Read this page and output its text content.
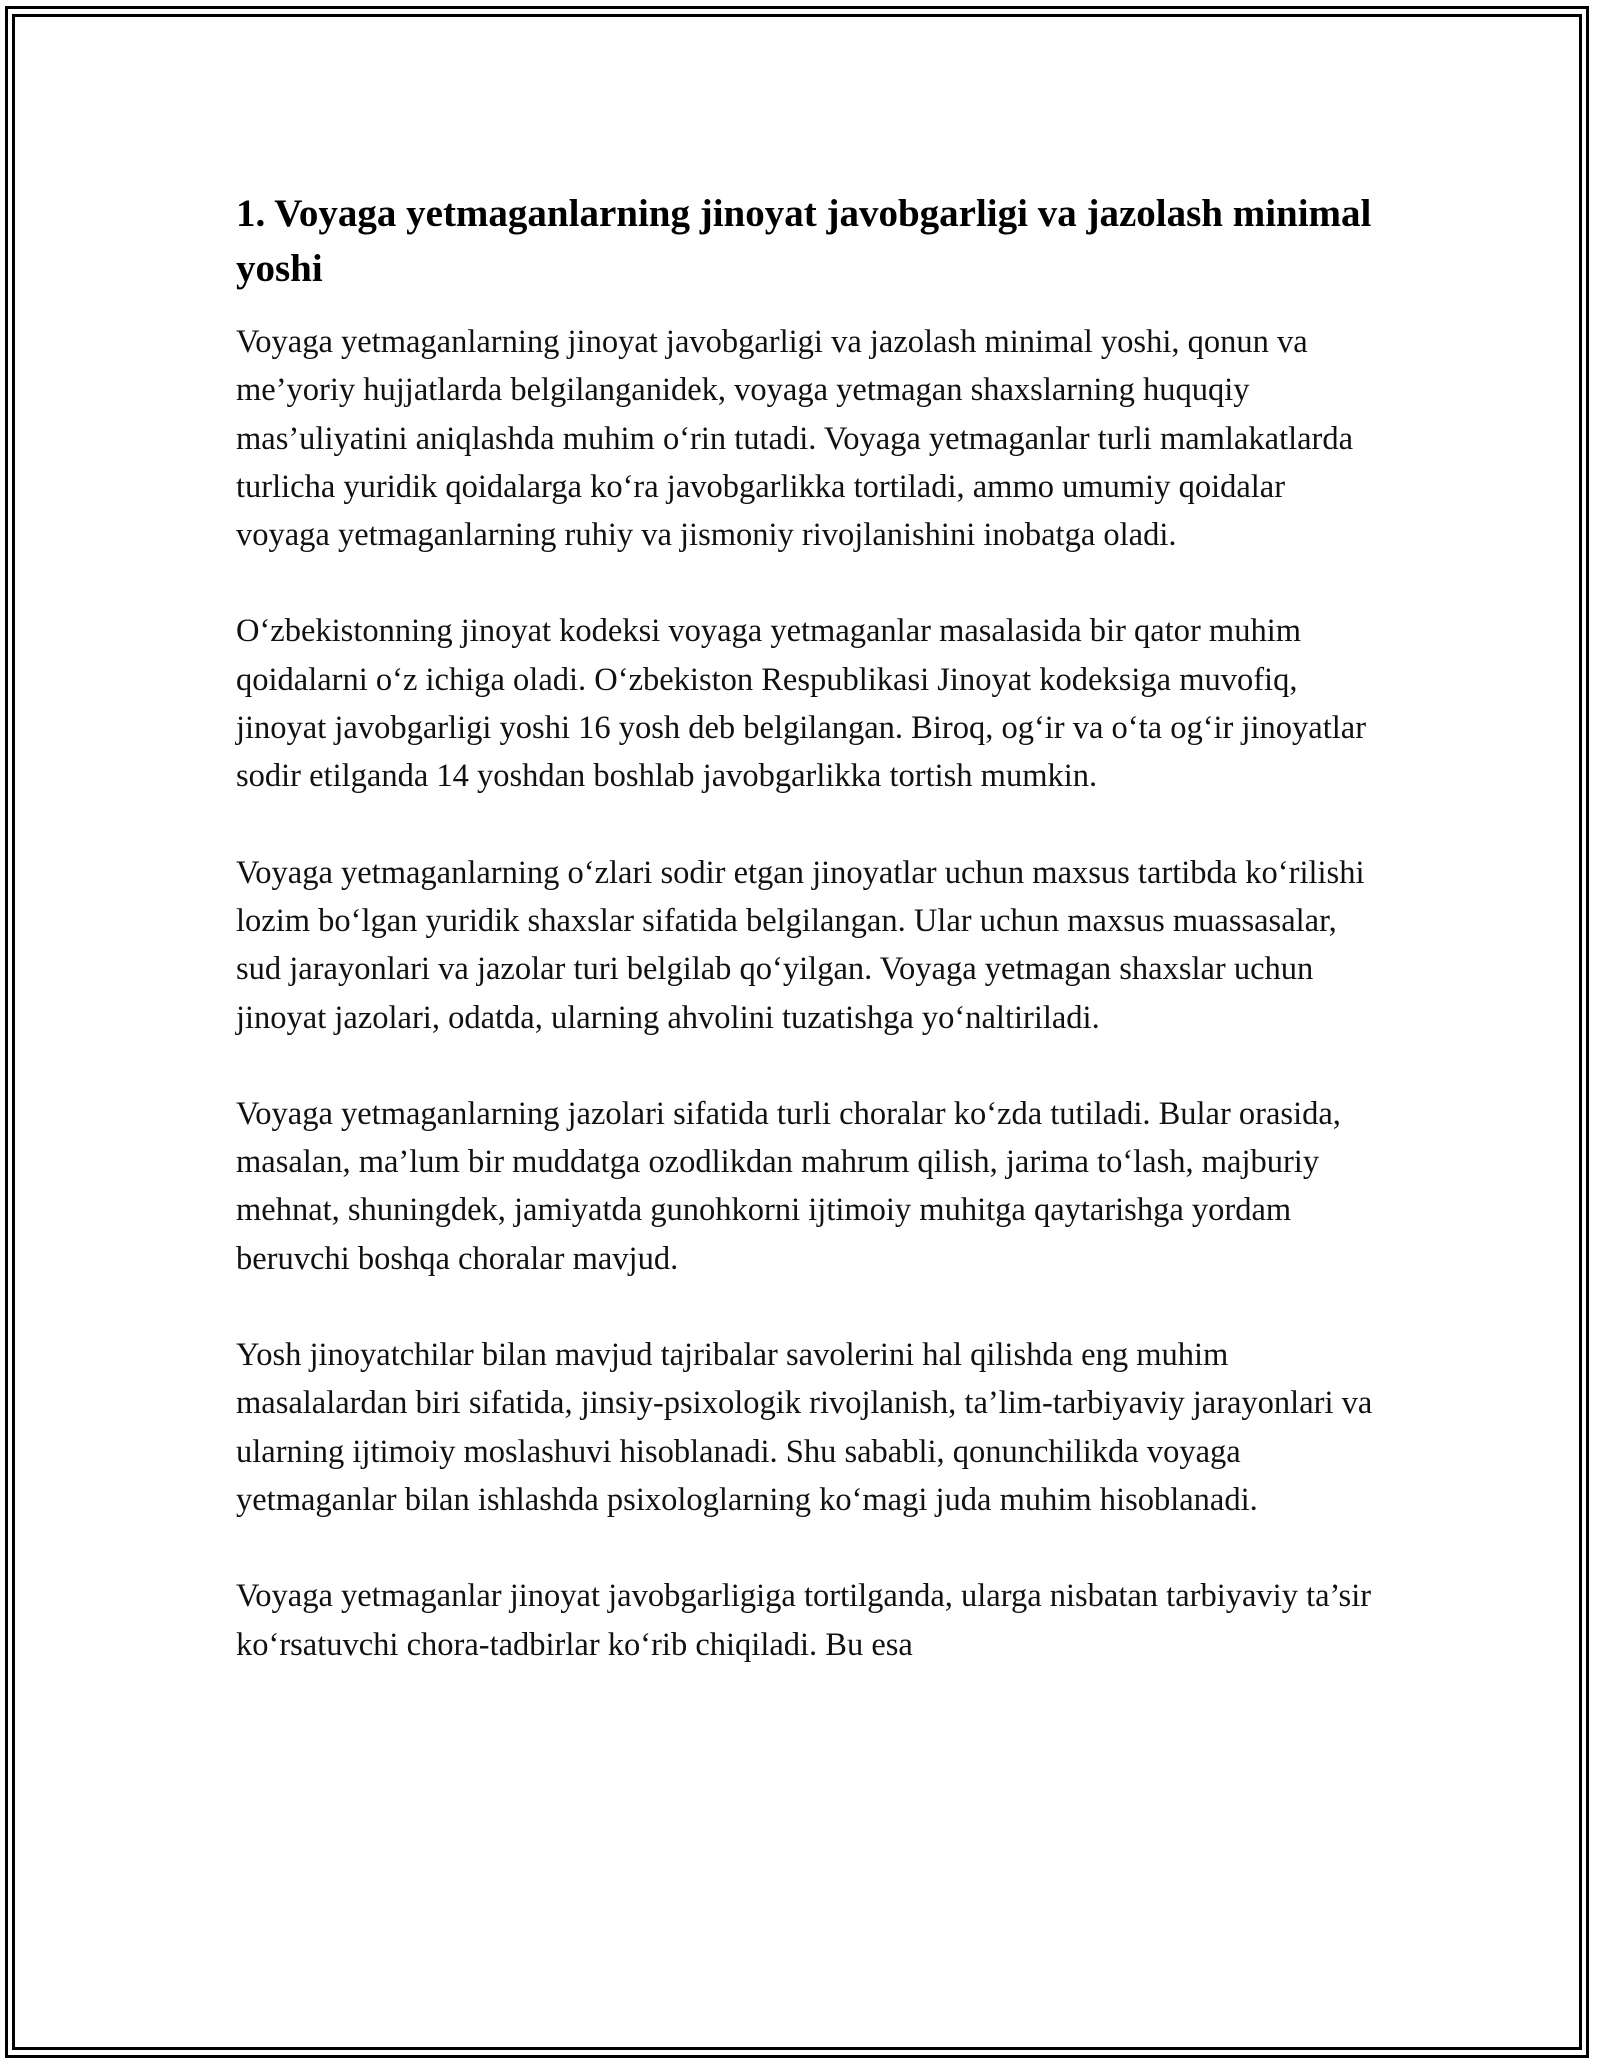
1. Voyaga yetmaganlarning jinoyat javobgarligi va jazolash minimal yoshi

Voyaga yetmaganlarning jinoyat javobgarligi va jazolash minimal yoshi, qonun va me’yoriy hujjatlarda belgilanganidek, voyaga yetmagan shaxslarning huquqiy mas’uliyatini aniqlashda muhim o‘rin tutadi. Voyaga yetmaganlar turli mamlakatlarda turlicha yuridik qoidalarga ko‘ra javobgarlikka tortiladi, ammo umumiy qoidalar voyaga yetmaganlarning ruhiy va jismoniy rivojlanishini inobatga oladi.

O‘zbekistonning jinoyat kodeksi voyaga yetmaganlar masalasida bir qator muhim qoidalarni o‘z ichiga oladi. O‘zbekiston Respublikasi Jinoyat kodeksiga muvofiq, jinoyat javobgarligi yoshi 16 yosh deb belgilangan. Biroq, og‘ir va o‘ta og‘ir jinoyatlar sodir etilganda 14 yoshdan boshlab javobgarlikka tortish mumkin.

Voyaga yetmaganlarning o‘zlari sodir etgan jinoyatlar uchun maxsus tartibda ko‘rilishi lozim bo‘lgan yuridik shaxslar sifatida belgilangan. Ular uchun maxsus muassasalar, sud jarayonlari va jazolar turi belgilab qo‘yilgan. Voyaga yetmagan shaxslar uchun jinoyat jazolari, odatda, ularning ahvolini tuzatishga yo‘naltiriladi.

Voyaga yetmaganlarning jazolari sifatida turli choralar ko‘zda tutiladi. Bular orasida, masalan, ma’lum bir muddatga ozodlikdan mahrum qilish, jarima to‘lash, majburiy mehnat, shuningdek, jamiyatda gunohkorni ijtimoiy muhitga qaytarishga yordam beruvchi boshqa choralar mavjud.

Yosh jinoyatchilar bilan mavjud tajribalar savolerini hal qilishda eng muhim masalalardan biri sifatida, jinsiy-psixologik rivojlanish, ta’lim-tarbiyaviy jarayonlari va ularning ijtimoiy moslashuvi hisoblanadi. Shu sababli, qonunchilikda voyaga yetmaganlar bilan ishlashda psixologlarning ko‘magi juda muhim hisoblanadi.

Voyaga yetmaganlar jinoyat javobgarligiga tortilganda, ularga nisbatan tarbiyaviy ta’sir ko‘rsatuvchi chora-tadbirlar ko‘rib chiqiladi. Bu esa
